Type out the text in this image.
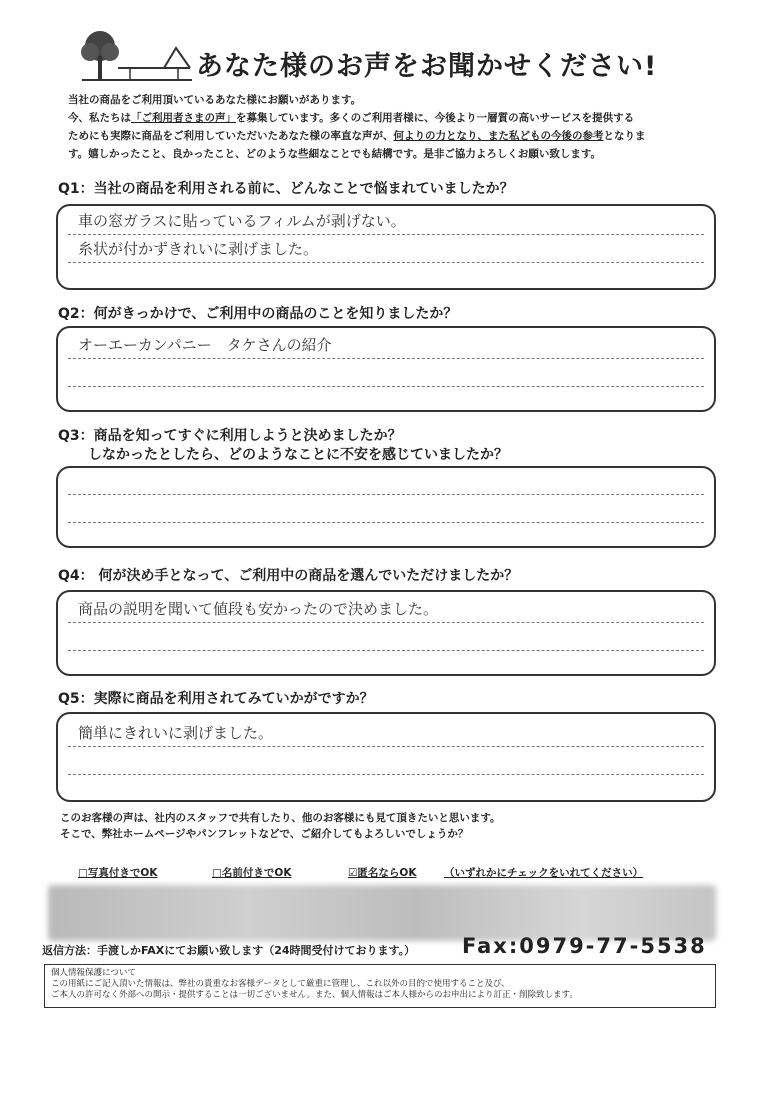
あなた様のお声をお聞かせください!
当社の商品をご利用頂いているあなた様にお願いがあります。
今、私たちは「ご利用者さまの声」を募集しています。多くのご利用者様に、今後より一層質の高いサービスを提供する
ためにも実際に商品をご利用していただいたあなた様の率直な声が、何よりの力となり、また私どもの今後の参考となりま
す。嬉しかったこと、良かったこと、どのような些細なことでも結構です。是非ご協力よろしくお願い致します。
Q1：当社の商品を利用される前に、どんなことで悩まれていましたか？
車の窓ガラスに貼っているフィルムが剥げない。
糸状が付かずきれいに剥げました。
Q2：何がきっかけで、ご利用中の商品のことを知りましたか？
オーエーカンパニー　タケさんの紹介
Q3：商品を知ってすぐに利用しようと決めましたか？
しなかったとしたら、どのようなことに不安を感じていましたか？
Q4： 何が決め手となって、ご利用中の商品を選んでいただけましたか？
商品の説明を聞いて値段も安かったので決めました。
Q5：実際に商品を利用されてみていかがですか？
簡単にきれいに剥げました。
このお客様の声は、社内のスタッフで共有したり、他のお客様にも見て頂きたいと思います。
そこで、弊社ホームページやパンフレットなどで、ご紹介してもよろしいでしょうか？
□写真付きでOK	□名前付きでOK	☑匿名ならOK	（いずれかにチェックをいれてください）
返信方法：手渡しかFAXにてお願い致します（24時間受付けております。） Fax:0979-77-5538
個人情報保護について
この用紙にご記入頂いた情報は、弊社の貴重なお客様データとして厳重に管理し、これ以外の目的で使用すること及び、
ご本人の許可なく外部への開示・提供することは一切ございません。また、個人情報はご本人様からのお申出により訂正・削除致します。
